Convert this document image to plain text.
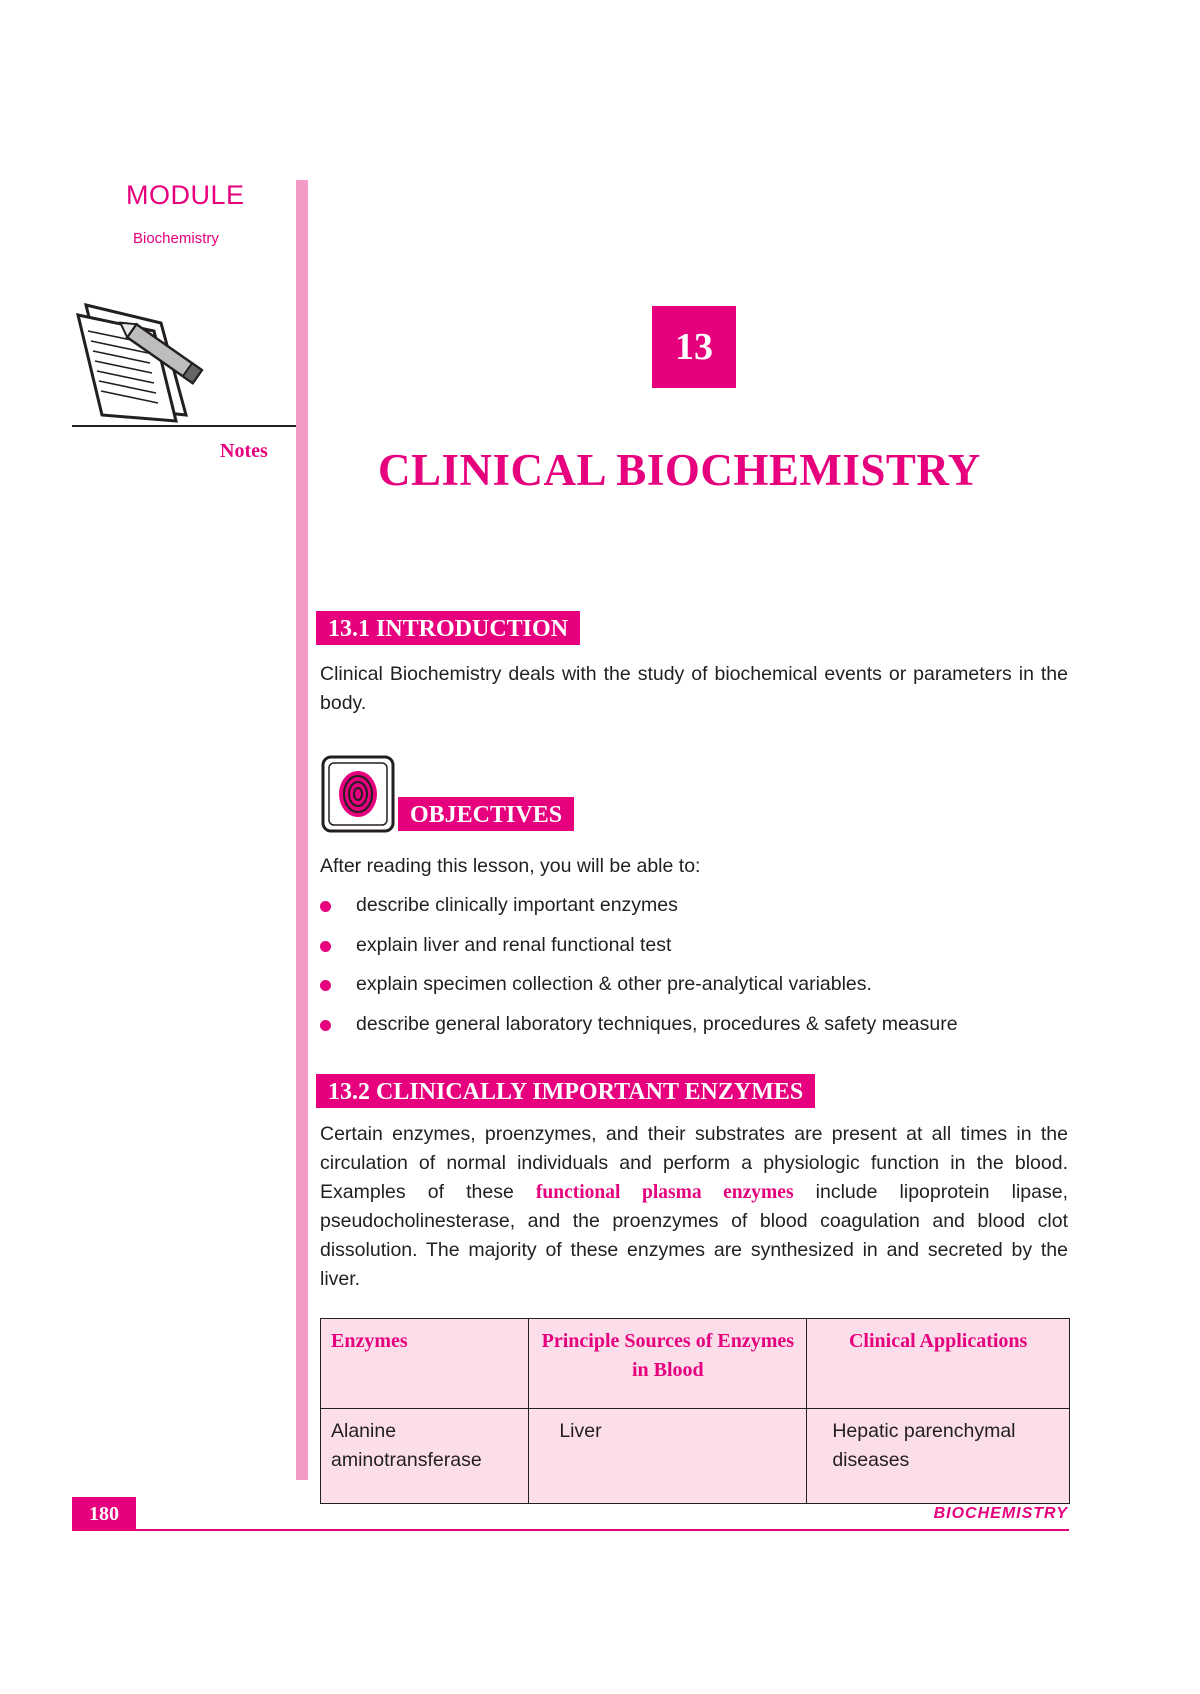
MODULE
Biochemistry
Notes
13
CLINICAL BIOCHEMISTRY
13.1 INTRODUCTION
Clinical Biochemistry deals with the study of biochemical events or parameters in the body.
OBJECTIVES
After reading this lesson, you will be able to:
describe clinically important enzymes
explain liver and renal functional test
explain specimen collection & other pre-analytical variables.
describe general laboratory techniques, procedures & safety measure
13.2 CLINICALLY IMPORTANT ENZYMES
Certain enzymes, proenzymes, and their substrates are present at all times in the circulation of normal individuals and perform a physiologic function in the blood. Examples of these functional plasma enzymes include lipoprotein lipase, pseudocholinesterase, and the proenzymes of blood coagulation and blood clot dissolution. The majority of these enzymes are synthesized in and secreted by the liver.
Enzymes	Principle Sources of Enzymes in Blood	Clinical Applications
Alanine aminotransferase	Liver	Hepatic parenchymal diseases
180	BIOCHEMISTRY
